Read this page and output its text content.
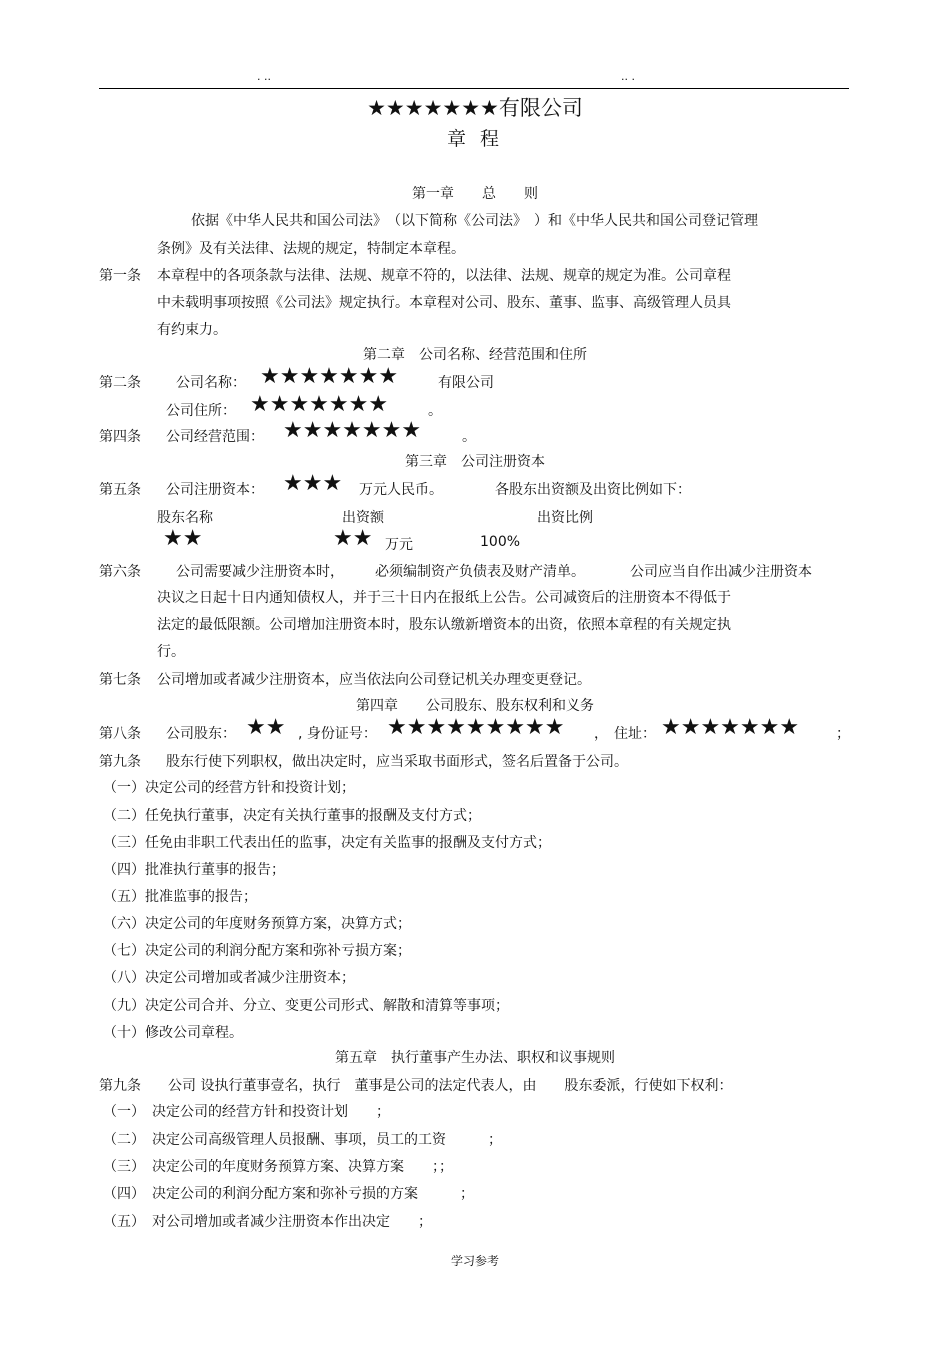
. ..	.. .
★★★★★★★有限公司
章 程
第一章　　总　　则
依据《中华人民共和国公司法》　（以下简称《公司法》　）和《中华人民共和国公司登记管理
条例》及有关法律、法规的规定，特制定本章程。
第一条 本章程中的各项条款与法律、法规、规章不符的，以法律、法规、规章的规定为准。公司章程
中未载明事项按照《公司法》规定执行。本章程对公司、股东、董事、监事、高级管理人员具
有约束力。
第二章　公司名称、经营范围和住所
第二条	公司名称： ★★★★★★★	有限公司
公司住所： ★★★★★★★	。
第四条 公司经营范围： ★★★★★★★	。
第三章　公司注册资本
第五条 公司注册资本： ★★★ 万元人民币。	各股东出资额及出资比例如下：
股东名称	出资额	出资比例
★★	★★ 万元	100%
第六条	公司需要减少注册资本时， 必须编制资产负债表及财产清单。	公司应当自作出减少注册资本
决议之日起十日内通知债权人，并于三十日内在报纸上公告。公司减资后的注册资本不得低于
法定的最低限额。公司增加注册资本时，股东认缴新增资本的出资，依照本章程的有关规定执
行。
第七条 公司增加或者减少注册资本，应当依法向公司登记机关办理变更登记。
第四章　　公司股东、股东权利和义务
第八条 公司股东： ★★ , 身份证号： ★★★★★★★★★ ， 住址： ★★★★★★★	；
第九条 股东行使下列职权，做出决定时，应当采取书面形式，签名后置备于公司。
（一）决定公司的经营方针和投资计划；
（二）任免执行董事，决定有关执行董事的报酬及支付方式；
（三）任免由非职工代表出任的监事，决定有关监事的报酬及支付方式；
（四）批准执行董事的报告；
（五）批准监事的报告；
（六）决定公司的年度财务预算方案，决算方式；
（七）决定公司的利润分配方案和弥补亏损方案；
（八）决定公司增加或者减少注册资本；
（九）决定公司合并、分立、变更公司形式、解散和清算等事项；
（十）修改公司章程。
第五章　执行董事产生办法、职权和议事规则
第九条 公司 设执行董事壹名，执行　董事是公司的法定代表人，由　　股东委派，行使如下权利：
（一）　决定公司的经营方针和投资计划　　；
（二）　决定公司高级管理人员报酬、事项，员工的工资　　　；
（三）　决定公司的年度财务预算方案、决算方案　　；；
（四）　决定公司的利润分配方案和弥补亏损的方案　　　；
（五）　对公司增加或者减少注册资本作出决定　　；
学习参考
